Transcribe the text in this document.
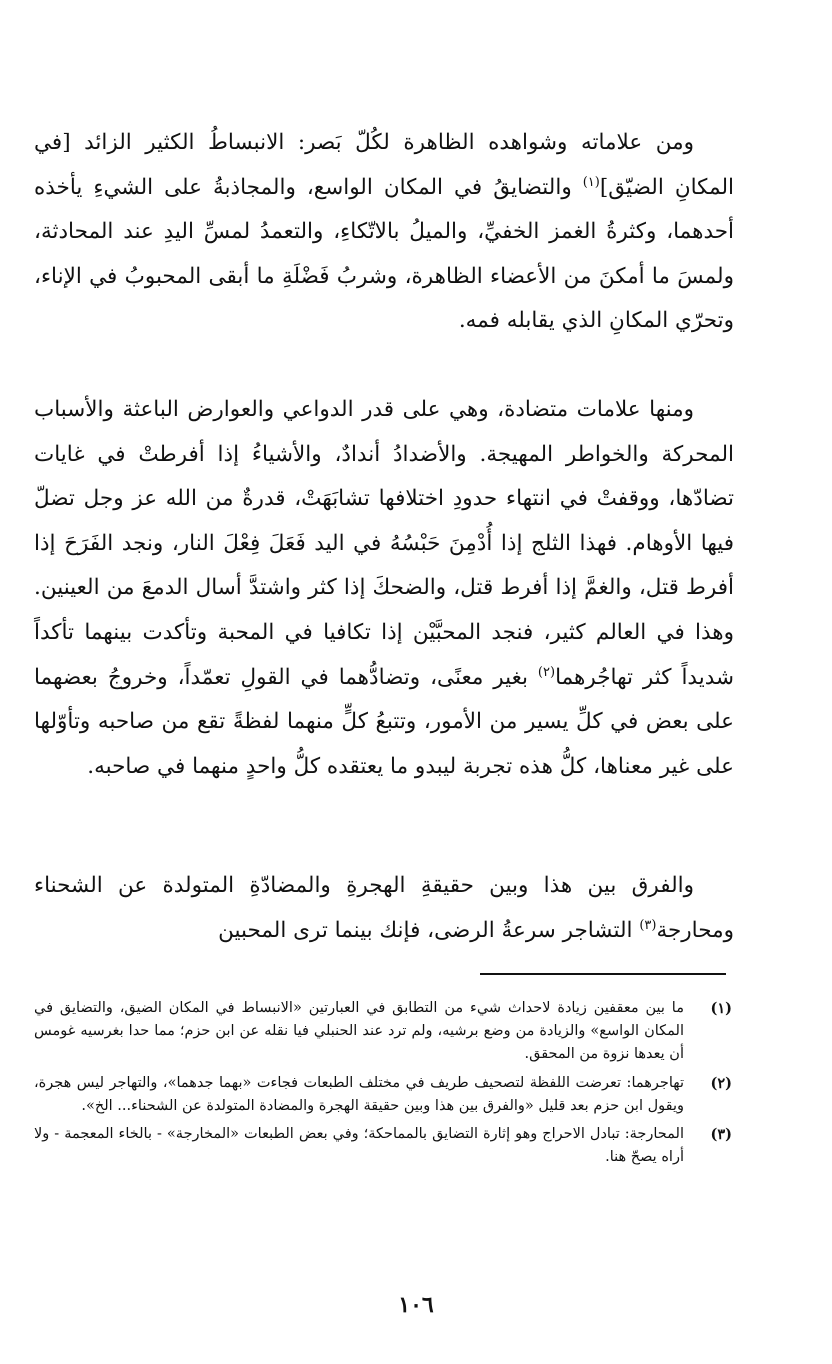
ومن علاماته وشواهده الظاهرة لكُلّ بَصر: الانبساطُ الكثير الزائد [في المكانِ الضيّق]$^{(١)}$ والتضايقُ في المكان الواسع، والمجاذبةُ على الشيءِ يأخذه أحدهما، وكثرةُ الغمز الخفيِّ، والميلُ بالاتّكاءِ، والتعمدُ لمسِّ اليدِ عند المحادثة، ولمسَ ما أمكنَ من الأعضاء الظاهرة، وشربُ فَضْلَةِ ما أبقى المحبوبُ في الإناء، وتحرّي المكانِ الذي يقابله فمه.

ومنها علامات متضادة، وهي على قدر الدواعي والعوارض الباعثة والأسباب المحركة والخواطر المهيجة. والأضدادُ أندادٌ، والأشياءُ إذا أفرطتْ في غايات تضادّها، ووقفتْ في انتهاء حدودِ اختلافها تشابَهَتْ، قدرةٌ من الله عز وجل تضلّ فيها الأوهام. فهذا الثلج إذا أُدْمِنَ حَبْسُهُ في اليد فَعَلَ فِعْلَ النار، ونجد الفَرَحَ إذا أفرط قتل، والغمَّ إذا أفرط قتل، والضحكَ إذا كثر واشتدَّ أسال الدمعَ من العينين. وهذا في العالم كثير، فنجد المحبَّيْن إذا تكافيا في المحبة وتأكدت بينهما تأكداً شديداً كثر تهاجُرهما$^{(٢)}$ بغير معنًى، وتضادُّهما في القولِ تعمّداً، وخروجُ بعضهما على بعض في كلِّ يسير من الأمور، وتتبعُ كلٍّ منهما لفظةً تقع من صاحبه وتأوّلها على غير معناها، كلُّ هذه تجربة ليبدو ما يعتقده كلُّ واحدٍ منهما في صاحبه.

والفرق بين هذا وبين حقيقةِ الهجرةِ والمضادّةِ المتولدة عن الشحناء ومحارجة$^{(٣)}$ التشاجر سرعةُ الرضى، فإنك بينما ترى المحبين

(١)
ما بين معقفين زيادة لاحداث شيء من التطابق في العبارتين «الانبساط في المكان الضيق، والتضايق في المكان الواسع» والزيادة من وضع برشيه، ولم ترد عند الحنبلي فيا نقله عن ابن حزم؛ مما حدا بغرسيه غومس أن يعدها نزوة من المحقق.
(٢)
تهاجرهما: تعرضت اللفظة لتصحيف طريف في مختلف الطبعات فجاءت «بهما جدهما»، والتهاجر ليس هجرة، ويقول ابن حزم بعد قليل «والفرق بين هذا وبين حقيقة الهجرة والمضادة المتولدة عن الشحناء... الخ».
(٣)
المحارجة: تبادل الاحراج وهو إثارة التضايق بالمماحكة؛ وفي بعض الطبعات «المخارجة» - بالخاء المعجمة - ولا أراه يصحّ هنا.
١٠٦
